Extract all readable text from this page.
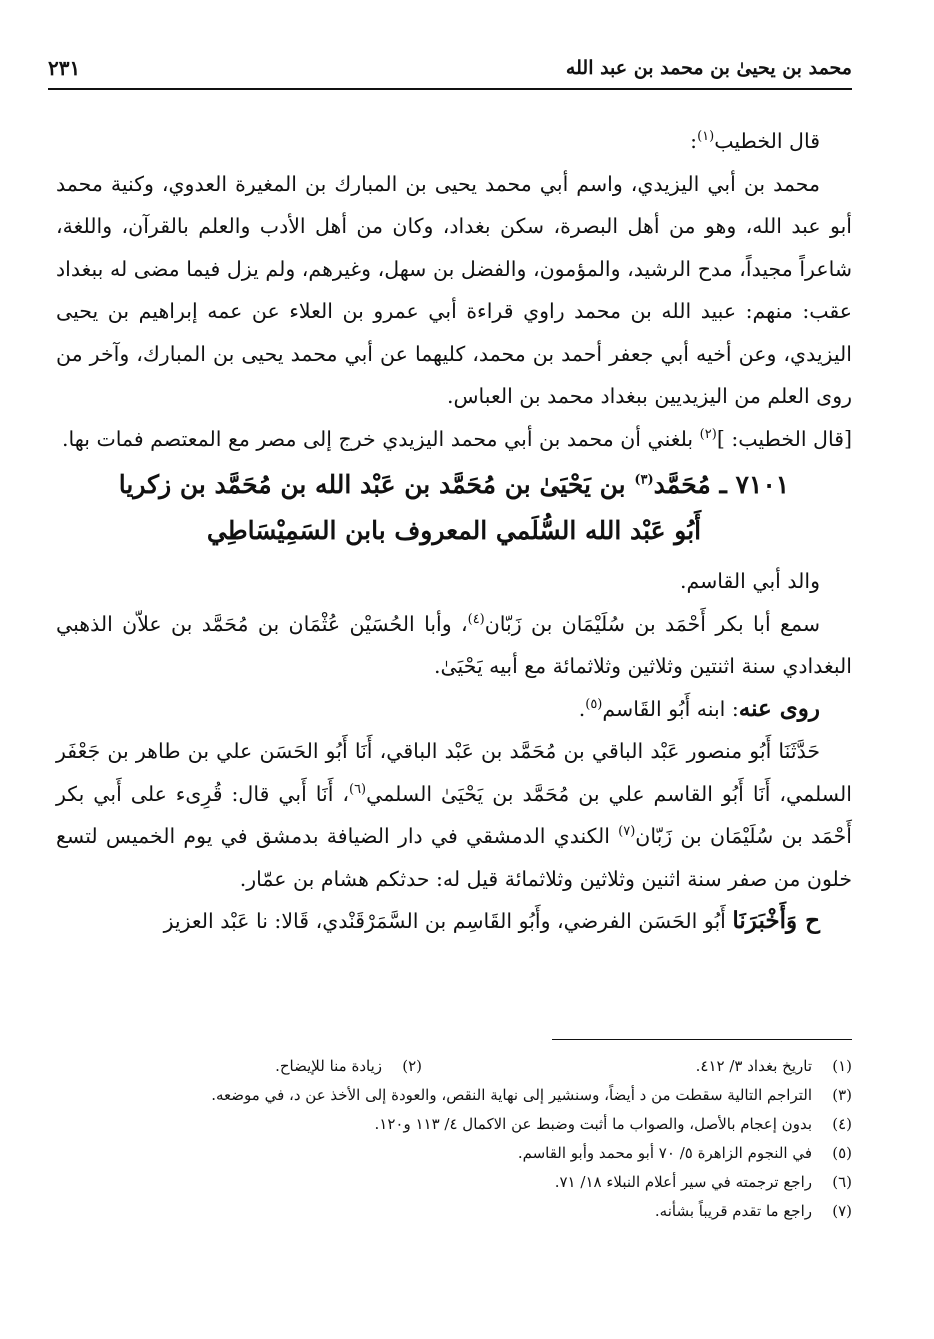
محمد بن يحيىٰ بن محمد بن عبد الله
٢٣١

قال الخطيب$^{(١)}$:

محمد بن أبي اليزيدي، واسم أبي محمد يحيى بن المبارك بن المغيرة العدوي، وكنية محمد أبو عبد الله، وهو من أهل البصرة، سكن بغداد، وكان من أهل الأدب والعلم بالقرآن، واللغة، شاعراً مجيداً، مدح الرشيد، والمؤمون، والفضل بن سهل، وغيرهم، ولم يزل فيما مضى له ببغداد عقب: منهم: عبيد الله بن محمد راوي قراءة أبي عمرو بن العلاء عن عمه إبراهيم بن يحيى اليزيدي، وعن أخيه أبي جعفر أحمد بن محمد، كليهما عن أبي محمد يحيى بن المبارك، وآخر من روى العلم من اليزيديين ببغداد محمد بن العباس.

[قال الخطيب: ]$^{(٢)}$ بلغني أن محمد بن أبي محمد اليزيدي خرج إلى مصر مع المعتصم فمات بها.

٧١٠١ ـ مُحَمَّد$^{(٣)}$ بن يَحْيَىٰ بن مُحَمَّد بن عَبْد الله بن مُحَمَّد بن زكريا
أَبُو عَبْد الله السُّلَمي المعروف بابن السَمِيْسَاطِي

والد أبي القاسم.

سمع أبا بكر أَحْمَد بن سُلَيْمَان بن زَبّان$^{(٤)}$، وأبا الحُسَيْن عُثْمَان بن مُحَمَّد بن علاّن الذهبي البغدادي سنة اثنتين وثلاثين وثلاثمائة مع أبيه يَحْيَىٰ.

روى عنه: ابنه أَبُو القَاسم$^{(٥)}$.

حَدَّثَنَا أَبُو منصور عَبْد الباقي بن مُحَمَّد بن عَبْد الباقي، أَنَا أَبُو الحَسَن علي بن طاهر بن جَعْفَر السلمي، أَنَا أَبُو القاسم علي بن مُحَمَّد بن يَحْيَىٰ السلمي$^{(٦)}$، أَنَا أَبي قال: قُرِىء على أَبي بكر أَحْمَد بن سُلَيْمَان بن زَبّان$^{(٧)}$ الكندي الدمشقي في دار الضيافة بدمشق في يوم الخميس لتسع خلون من صفر سنة اثنين وثلاثين وثلاثمائة قيل له: حدثكم هشام بن عمّار.

ح وَأَخْبَرَنَا أَبُو الحَسَن الفرضي، وأَبُو القَاسِم بن السَّمَرْقَنْدي، قَالا: نا عَبْد العزيز

(١)
تاريخ بغداد ٣/ ٤١٢.
(٢)
زيادة منا للإيضاح.
(٣)
التراجم التالية سقطت من د أيضاً، وسنشير إلى نهاية النقص، والعودة إلى الأخذ عن د، في موضعه.
(٤)
بدون إعجام بالأصل، والصواب ما أثبت وضبط عن الاكمال ٤/ ١١٣ و١٢٠.
(٥)
في النجوم الزاهرة ٥/ ٧٠ أبو محمد وأبو القاسم.
(٦)
راجع ترجمته في سير أعلام النبلاء ١٨/ ٧١.
(٧)
راجع ما تقدم قريباً بشأنه.
